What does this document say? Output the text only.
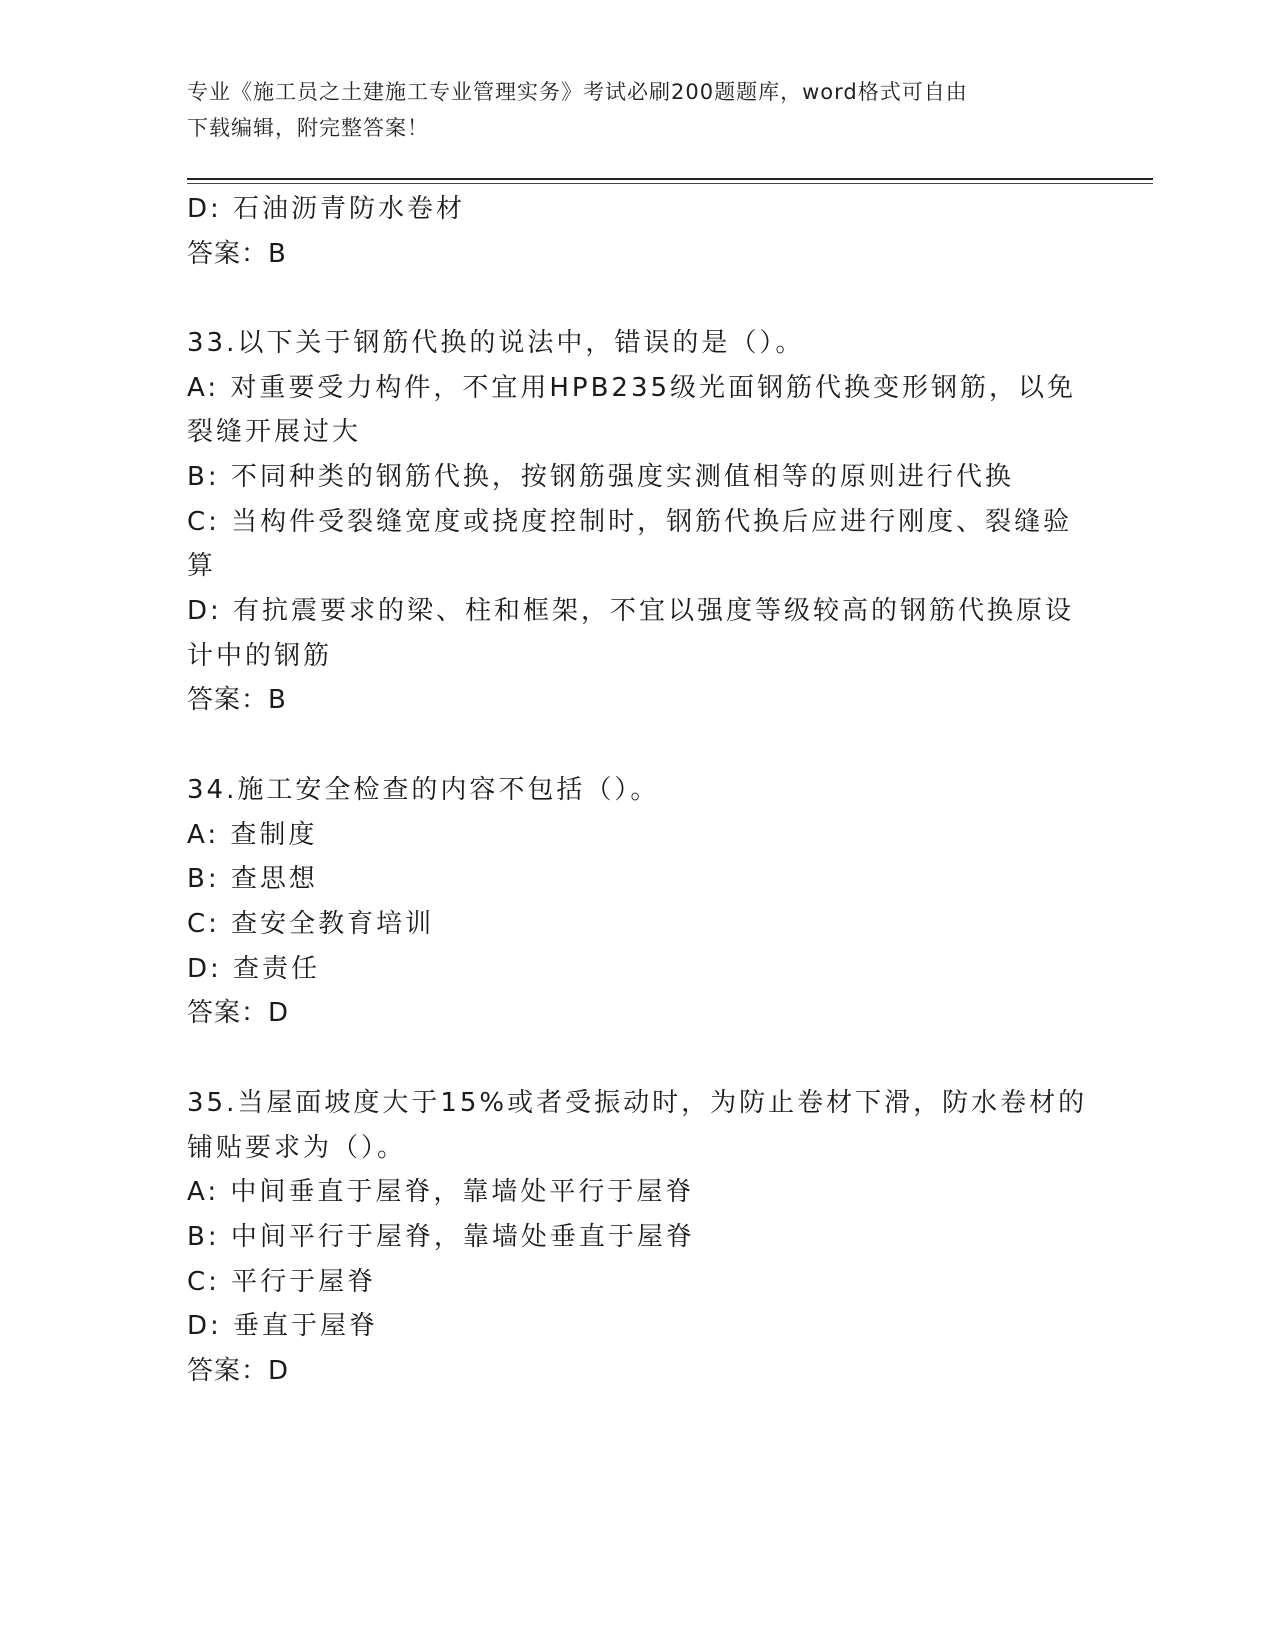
专业《施工员之土建施工专业管理实务》考试必刷200题题库，word格式可自由
下载编辑，附完整答案！
D: 石油沥青防水卷材
答案：B
33.以下关于钢筋代换的说法中，错误的是（）。
A: 对重要受力构件，不宜用HPB235级光面钢筋代换变形钢筋，以免
裂缝开展过大
B: 不同种类的钢筋代换，按钢筋强度实测值相等的原则进行代换
C: 当构件受裂缝宽度或挠度控制时，钢筋代换后应进行刚度、裂缝验
算
D: 有抗震要求的梁、柱和框架，不宜以强度等级较高的钢筋代换原设
计中的钢筋
答案：B
34.施工安全检查的内容不包括（）。
A: 查制度
B: 查思想
C: 查安全教育培训
D: 查责任
答案：D
35.当屋面坡度大于15%或者受振动时，为防止卷材下滑，防水卷材的
铺贴要求为（）。
A: 中间垂直于屋脊，靠墙处平行于屋脊
B: 中间平行于屋脊，靠墙处垂直于屋脊
C: 平行于屋脊
D: 垂直于屋脊
答案：D
